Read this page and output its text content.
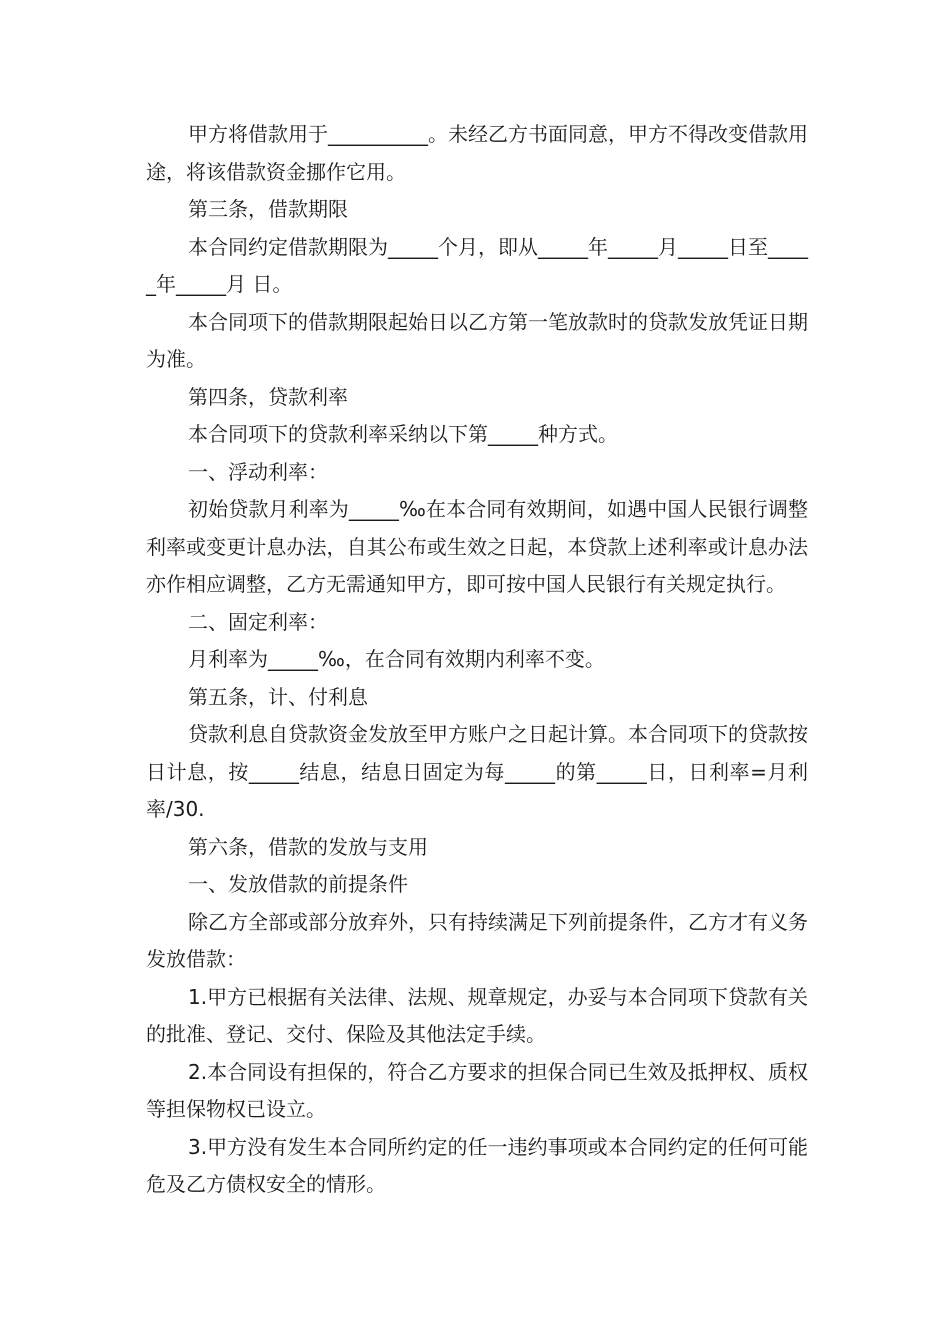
甲方将借款用于__________。未经乙方书面同意，甲方不得改变借款用途，将该借款资金挪作它用。

第三条，借款期限

本合同约定借款期限为_____个月，即从_____年_____月_____日至_____年_____月 日。

本合同项下的借款期限起始日以乙方第一笔放款时的贷款发放凭证日期为准。

第四条，贷款利率

本合同项下的贷款利率采纳以下第_____种方式。

一、浮动利率：

初始贷款月利率为_____‰在本合同有效期间，如遇中国人民银行调整利率或变更计息办法，自其公布或生效之日起，本贷款上述利率或计息办法亦作相应调整，乙方无需通知甲方，即可按中国人民银行有关规定执行。

二、固定利率：

月利率为_____‰，在合同有效期内利率不变。

第五条，计、付利息

贷款利息自贷款资金发放至甲方账户之日起计算。本合同项下的贷款按日计息，按_____结息，结息日固定为每_____的第_____日，日利率=月利率/30.

第六条，借款的发放与支用

一、发放借款的前提条件

除乙方全部或部分放弃外，只有持续满足下列前提条件，乙方才有义务发放借款：

1.甲方已根据有关法律、法规、规章规定，办妥与本合同项下贷款有关的批准、登记、交付、保险及其他法定手续。

2.本合同设有担保的，符合乙方要求的担保合同已生效及抵押权、质权等担保物权已设立。

3.甲方没有发生本合同所约定的任一违约事项或本合同约定的任何可能危及乙方债权安全的情形。
